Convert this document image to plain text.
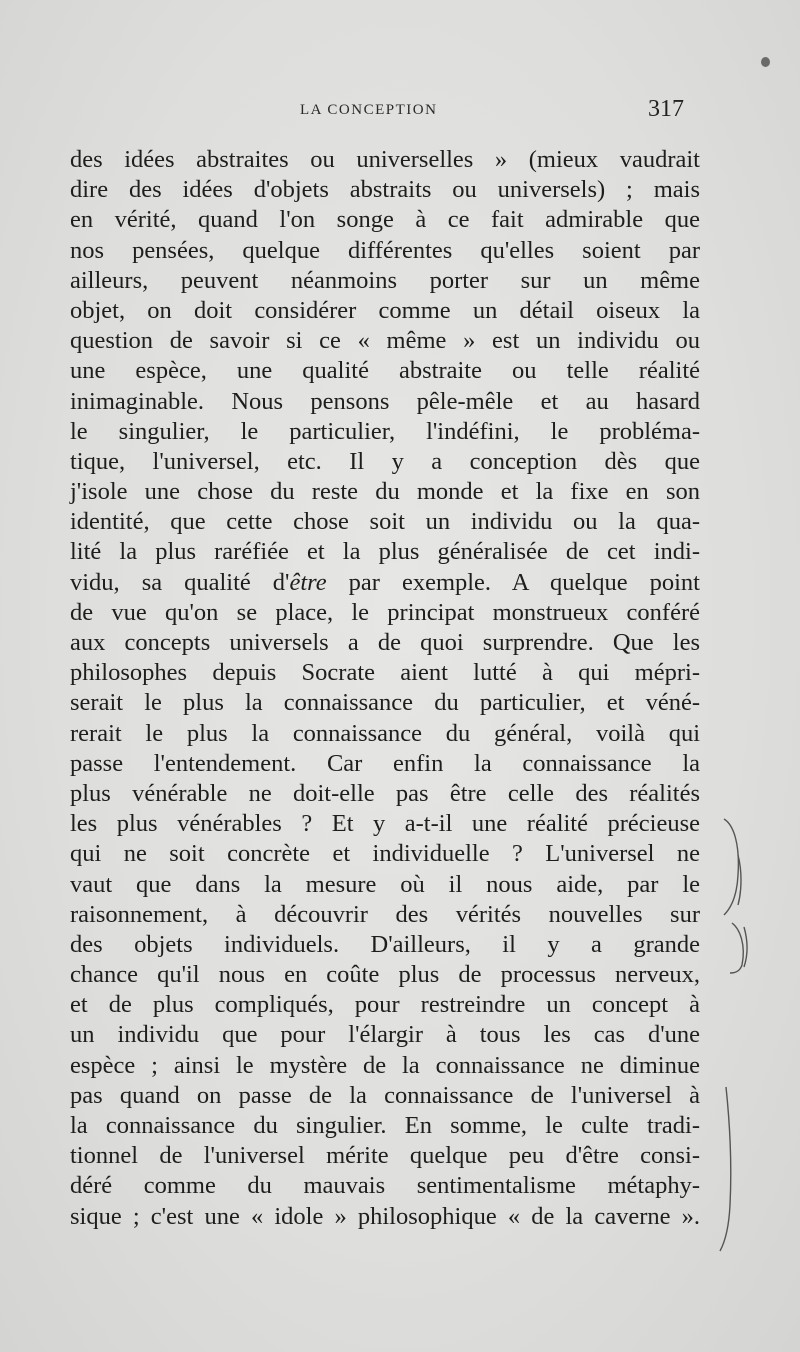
LA CONCEPTION	317
des idées abstraites ou universelles » (mieux vaudrait
dire des idées d'objets abstraits ou universels) ; mais
en vérité, quand l'on songe à ce fait admirable que
nos pensées, quelque différentes qu'elles soient par
ailleurs, peuvent néanmoins porter sur un même
objet, on doit considérer comme un détail oiseux la
question de savoir si ce « même » est un individu ou
une espèce, une qualité abstraite ou telle réalité
inimaginable. Nous pensons pêle-mêle et au hasard
le singulier, le particulier, l'indéfini, le probléma-
tique, l'universel, etc. Il y a conception dès que
j'isole une chose du reste du monde et la fixe en son
identité, que cette chose soit un individu ou la qua-
lité la plus raréfiée et la plus généralisée de cet indi-
vidu, sa qualité d'être par exemple. A quelque point
de vue qu'on se place, le principat monstrueux conféré
aux concepts universels a de quoi surprendre. Que les
philosophes depuis Socrate aient lutté à qui mépri-
serait le plus la connaissance du particulier, et véné-
rerait le plus la connaissance du général, voilà qui
passe l'entendement. Car enfin la connaissance la
plus vénérable ne doit-elle pas être celle des réalités
les plus vénérables ? Et y a-t-il une réalité précieuse
qui ne soit concrète et individuelle ? L'universel ne
vaut que dans la mesure où il nous aide, par le
raisonnement, à découvrir des vérités nouvelles sur
des objets individuels. D'ailleurs, il y a grande
chance qu'il nous en coûte plus de processus nerveux,
et de plus compliqués, pour restreindre un concept à
un individu que pour l'élargir à tous les cas d'une
espèce ; ainsi le mystère de la connaissance ne diminue
pas quand on passe de la connaissance de l'universel à
la connaissance du singulier. En somme, le culte tradi-
tionnel de l'universel mérite quelque peu d'être consi-
déré comme du mauvais sentimentalisme métaphy-
sique ; c'est une « idole » philosophique « de la caverne ».
